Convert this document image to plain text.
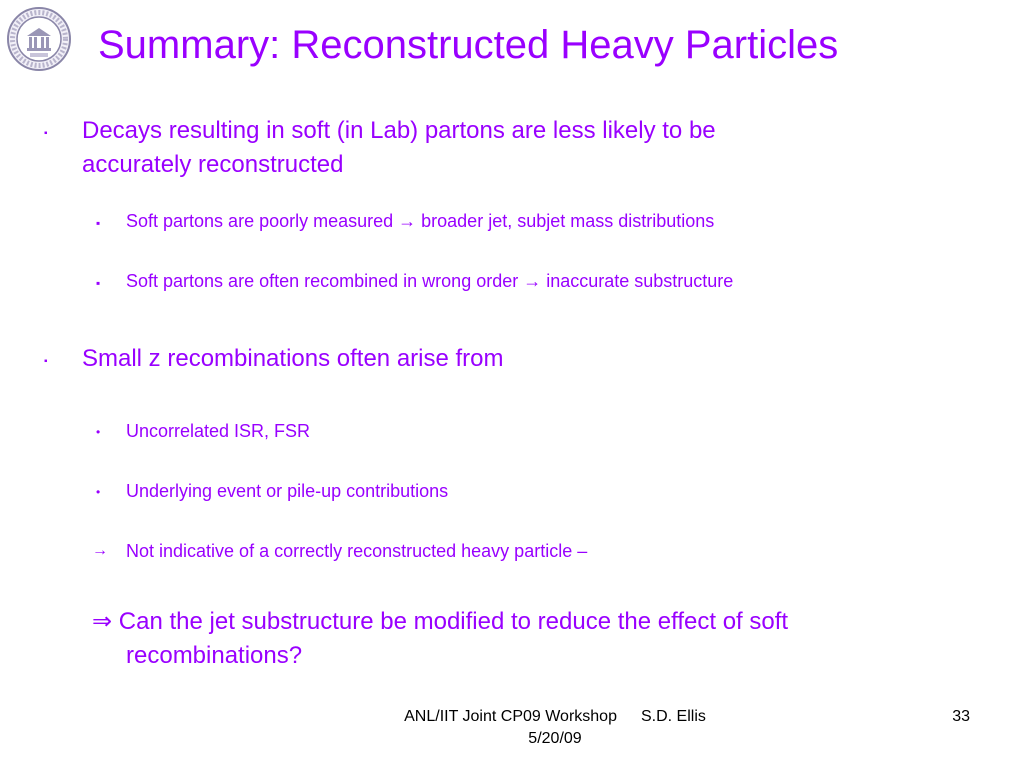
Summary: Reconstructed Heavy Particles
▪ Decays resulting in soft (in Lab) partons are less likely to be
accurately reconstructed
▪ Soft partons are poorly measured → broader jet, subjet mass distributions
▪ Soft partons are often recombined in wrong order → inaccurate substructure
▪ Small z recombinations often arise from
• Uncorrelated ISR, FSR
• Underlying event or pile-up contributions
→ Not indicative of a correctly reconstructed heavy particle –
⇒ Can the jet substructure be modified to reduce the effect of soft
recombinations?
ANL/IIT Joint CP09 Workshop S.D. Ellis
5/20/09
33
